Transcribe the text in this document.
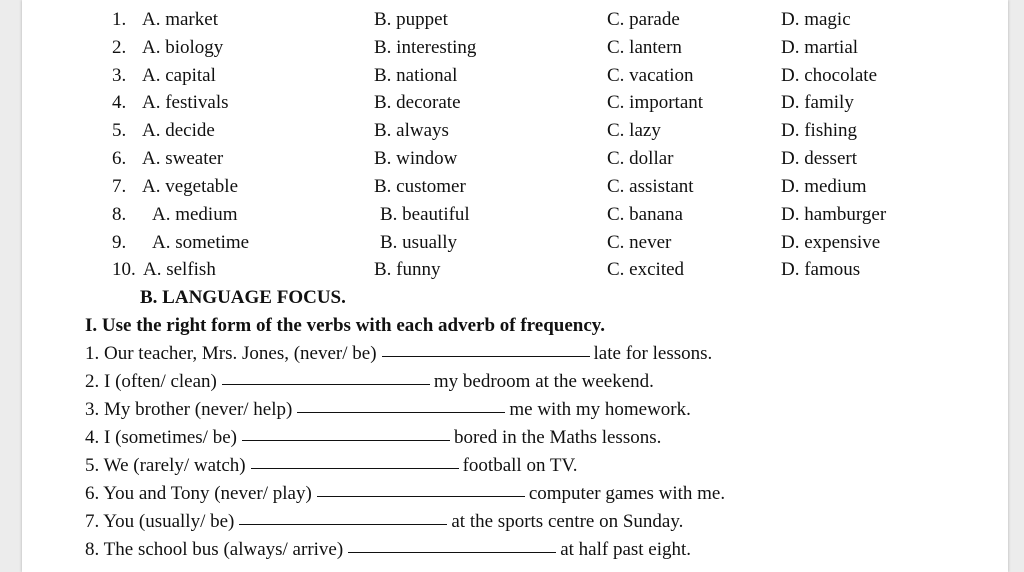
1. A. market	B. puppet	C. parade	D. magic
2. A. biology	B. interesting	C. lantern	D. martial
3. A. capital	B. national	C. vacation	D. chocolate
4. A. festivals	B. decorate	C. important	D. family
5. A. decide	B. always	C. lazy	D. fishing
6. A. sweater	B. window	C. dollar	D. dessert
7. A. vegetable	B. customer	C. assistant	D. medium
8. A. medium	B. beautiful	C. banana	D. hamburger
9. A. sometime	B. usually	C. never	D. expensive
10. A. selfish	B. funny	C. excited	D. famous
B. LANGUAGE FOCUS.
I. Use the right form of the verbs with each adverb of frequency.
1. Our teacher, Mrs. Jones, (never/ be)	late for lessons.
2. I (often/ clean)	my bedroom at the weekend.
3. My brother (never/ help)	me with my homework.
4. I (sometimes/ be)	bored in the Maths lessons.
5. We (rarely/ watch)	football on TV.
6. You and Tony (never/ play)	computer games with me.
7. You (usually/ be)	at the sports centre on Sunday.
8. The school bus (always/ arrive)	at half past eight.
